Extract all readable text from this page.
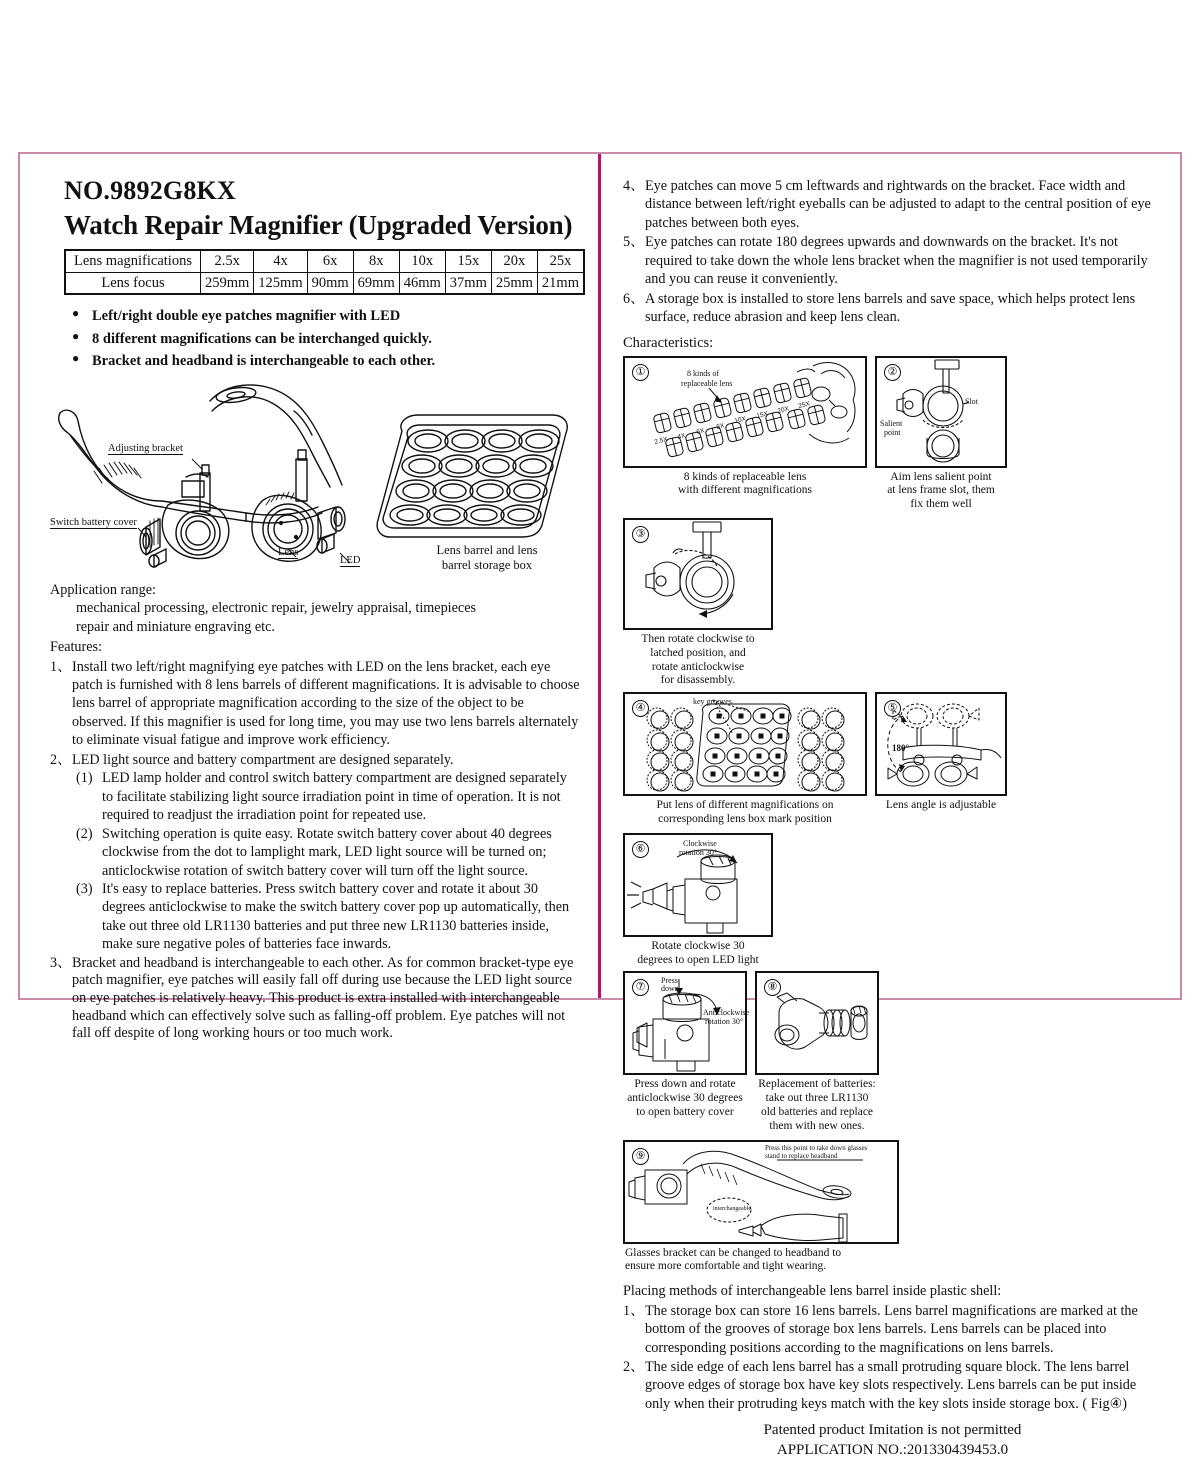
NO.9892G8KX
Watch Repair Magnifier (Upgraded Version)
Lens magnifications	2.5x	4x	6x	8x	10x	15x	20x	25x
Lens focus	259mm	125mm	90mm	69mm	46mm	37mm	25mm	21mm
● Left/right double eye patches magnifier with LED
● 8 different magnifications can be interchanged quickly.
● Bracket and headband is interchangeable to each other.
Adjusting bracket
Switch battery cover
Lens
LED
Lens barrel and lens
barrel storage box
Application range:
mechanical processing, electronic repair, jewelry appraisal, timepieces
repair and miniature engraving etc.
Features:
1、 Install two left/right magnifying eye patches with LED on the lens bracket, each eye patch is furnished with 8 lens barrels of different magnifications. It is advisable to choose lens barrel of appropriate magnification according to the size of the object to be observed. If this magnifier is used for long time, you may use two lens barrels alternately to eliminate visual fatigue and improve work efficiency.
2、 LED light source and battery compartment are designed separately.
(1) LED lamp holder and control switch battery compartment are designed separately to facilitate stabilizing light source irradiation point in time of operation. It is not required to readjust the irradiation point for repeated use.
(2) Switching operation is quite easy. Rotate switch battery cover about 40 degrees clockwise from the dot to lamplight mark, LED light source will be turned on; anticlockwise rotation of switch battery cover will turn off the light source.
(3) It's easy to replace batteries. Press switch battery cover and rotate it about 30 degrees anticlockwise to make the switch battery cover pop up automatically, then take out three old LR1130 batteries and put three new LR1130 batteries inside, make sure negative poles of batteries face inwards.
3、 Bracket and headband is interchangeable to each other. As for common bracket-type eye patch magnifier, eye patches will easily fall off during use because the LED light source on eye patches is relatively heavy. This product is extra installed with interchangeable headband which can effectively solve such as falling-off problem. Eye patches will not fall off despite of long working hours or too much work.
4、 Eye patches can move 5 cm leftwards and rightwards on the bracket. Face width and distance between left/right eyeballs can be adjusted to adapt to the central position of eye patches between both eyes.
5、 Eye patches can rotate 180 degrees upwards and downwards on the bracket. It's not required to take down the whole lens bracket when the magnifier is not used temporarily and you can reuse it conveniently.
6、 A storage box is installed to store lens barrels and save space, which helps protect lens surface, reduce abrasion and keep lens clean.
Characteristics:
①
2.5X 4X
6X
8X
10X
15X
20X
25X
8 kinds of
replaceable lens
8 kinds of replaceable lens
with different magnifications
②
Slot
Salient
point
Aim lens salient point
at lens frame slot, them
fix them well
③
Then rotate clockwise to
latched position, and
rotate anticlockwise
for disassembly.
④
key grooves
Put lens of different magnifications on
corresponding lens box mark position
⑤
180°
Lens angle is adjustable
⑥	Clockwise
rotation 30°
Rotate clockwise 30
degrees to open LED light
⑦
Press
down
Anticlockwise
rotation 30°
Press down and rotate
anticlockwise 30 degrees
to open battery cover
⑧
Replacement of batteries:
take out three LR1130
old batteries and replace
them with new ones.
⑨
Press this point to take down glasses
stand to replace headband
interchangeable
Glasses bracket can be changed to headband to
ensure more comfortable and tight wearing.
Placing methods of interchangeable lens barrel inside plastic shell:
1、 The storage box can store 16 lens barrels. Lens barrel magnifications are marked at the bottom of the grooves of storage box lens barrels. Lens barrels can be placed into corresponding positions according to the magnifications on lens barrels.
2、 The side edge of each lens barrel has a small protruding square block. The lens barrel groove edges of storage box have key slots respectively. Lens barrels can be put inside only when their protruding keys match with the key slots inside storage box. ( Fig④)
Patented product Imitation is not permitted
APPLICATION NO.:201330439453.0
